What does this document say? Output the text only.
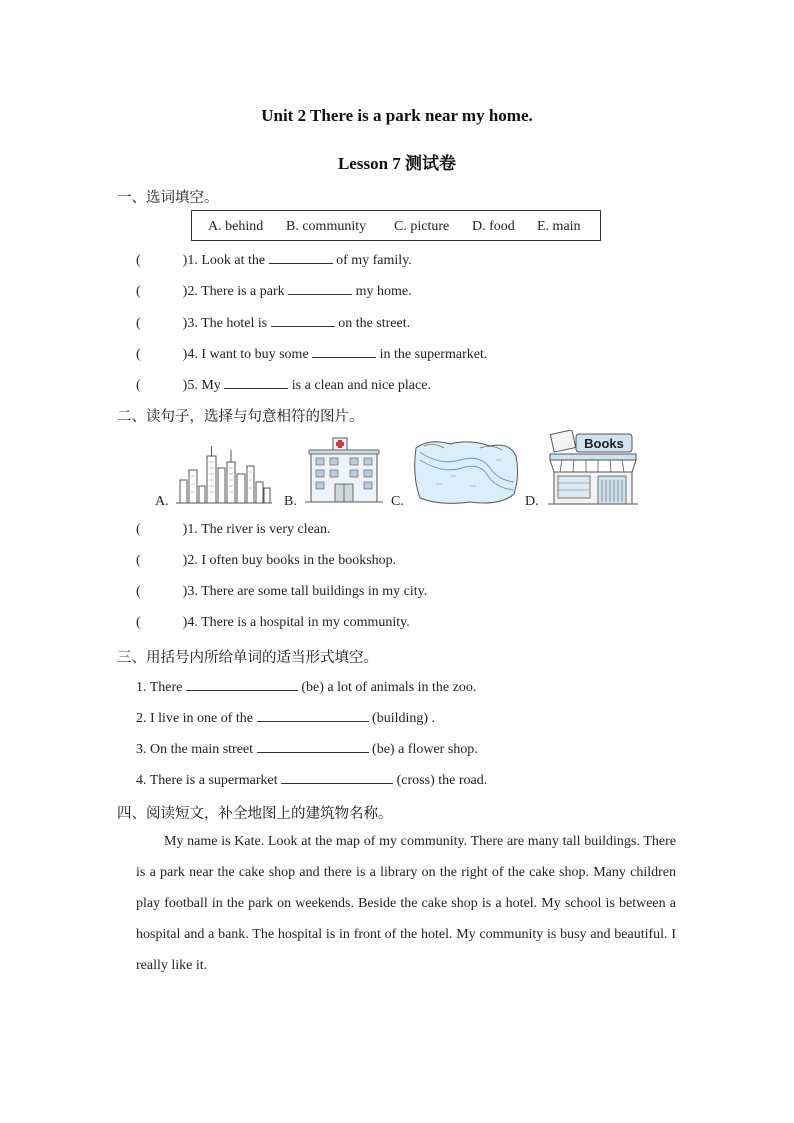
Unit 2 There is a park near my home.
Lesson 7 测试卷
一、选词填空。
A. behind B. community C. picture D. food E. main
(	)1. Look at the	of my family.
(	)2. There is a park	my home.
(	)3. The hotel is	on the street.
(	)4. I want to buy some	in the supermarket.
(	)5. My	is a clean and nice place.
二、读句子，选择与句意相符的图片。
A.	B.	C.	D.
Books
(	)1. The river is very clean.
(	)2. I often buy books in the bookshop.
(	)3. There are some tall buildings in my city.
(	)4. There is a hospital in my community.
三、用括号内所给单词的适当形式填空。
1. There	(be) a lot of animals in the zoo.
2. I live in one of the	(building) .
3. On the main street	(be) a flower shop.
4. There is a supermarket	(cross) the road.
四、阅读短文，补全地图上的建筑物名称。
My name is Kate. Look at the map of my community. There are many tall buildings. There is a park near the cake shop and there is a library on the right of the cake shop. Many children play football in the park on weekends. Beside the cake shop is a hotel. My school is between a hospital and a bank. The hospital is in front of the hotel. My community is busy and beautiful. I really like it.
